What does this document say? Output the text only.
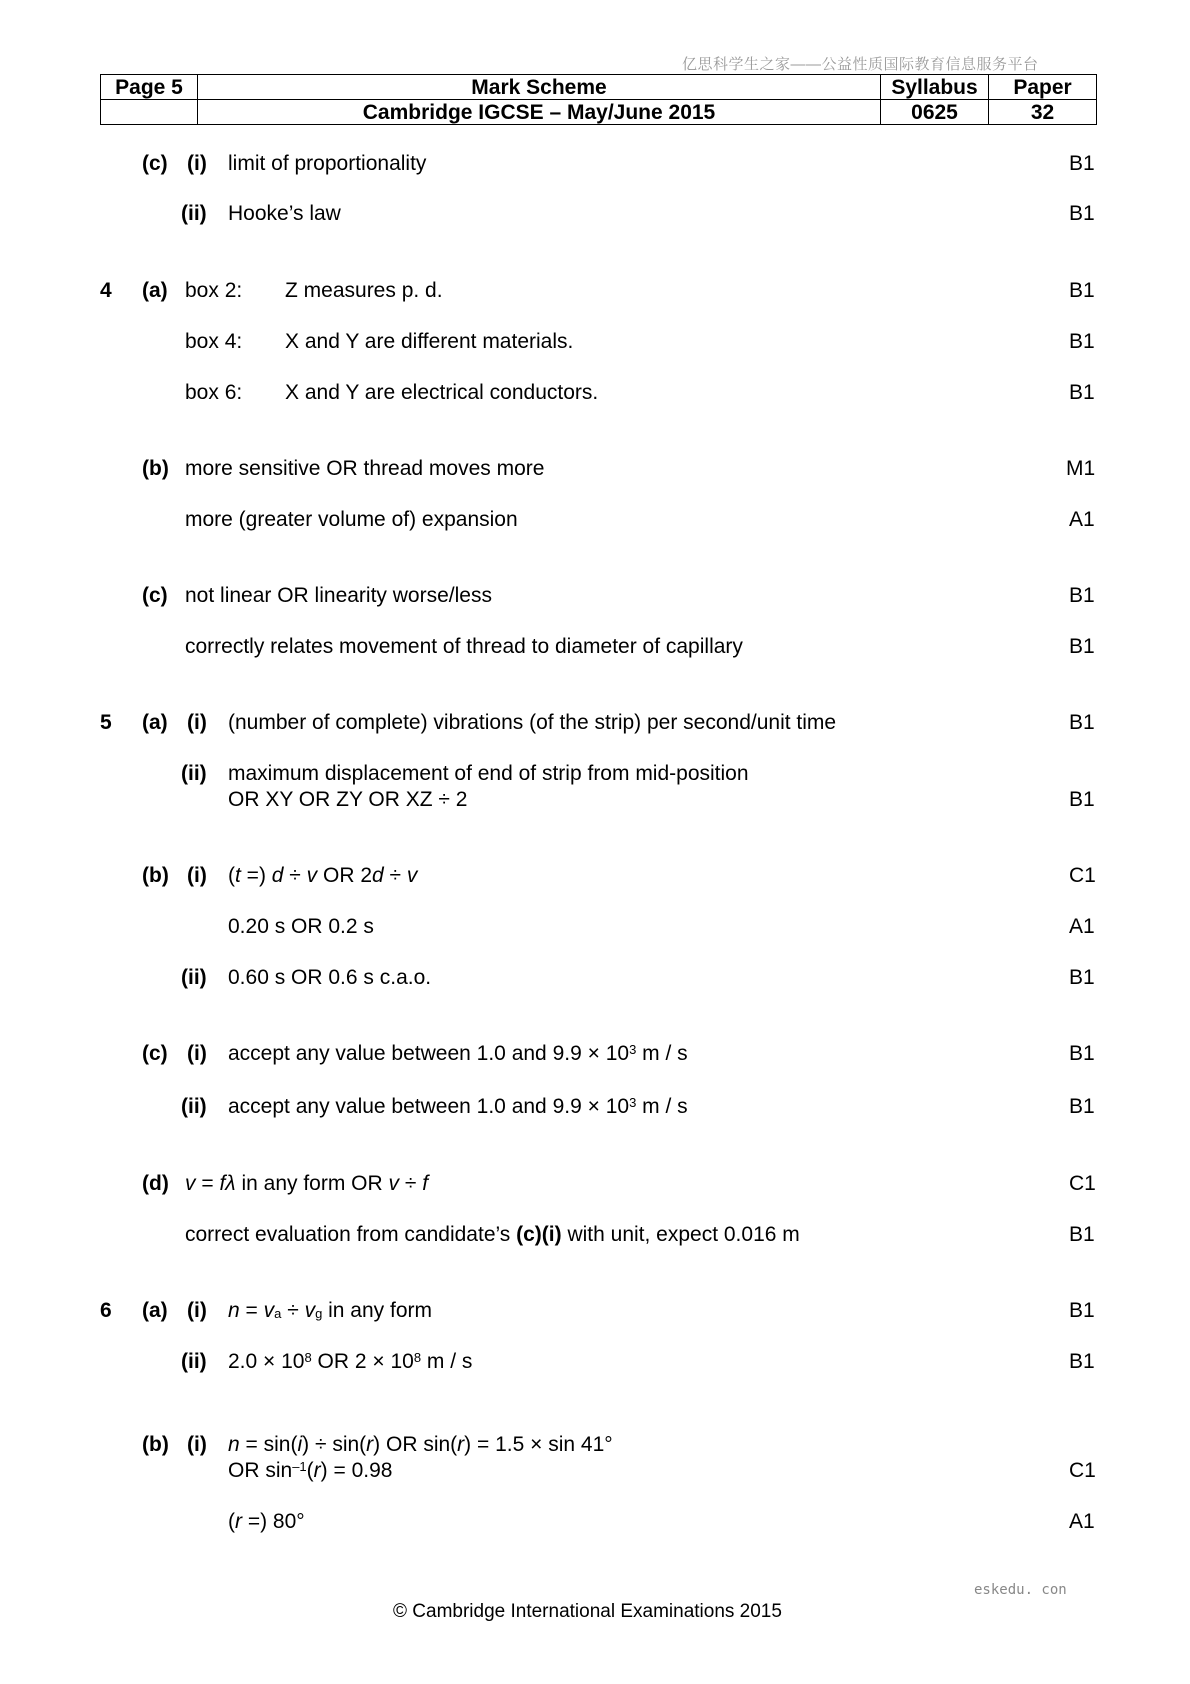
亿思科学生之家——公益性质国际教育信息服务平台
Page 5	Mark Scheme	Syllabus	Paper
	Cambridge IGCSE – May/June 2015	0625	32
(c) (i) limit of proportionality	B1
(ii) Hooke’s law	B1
4 (a) box 2: Z measures p. d.	B1
box 4: X and Y are different materials.	B1
box 6: X and Y are electrical conductors.	B1
(b) more sensitive OR thread moves more	M1
more (greater volume of) expansion	A1
(c) not linear OR linearity worse/less	B1
correctly relates movement of thread to diameter of capillary	B1
5 (a) (i) (number of complete) vibrations (of the strip) per second/unit time	B1
(ii) maximum displacement of end of strip from mid-position
OR XY OR ZY OR XZ ÷ 2	B1
(b) (i) (t =) d ÷ v OR 2d ÷ v	C1
0.20 s OR 0.2 s	A1
(ii) 0.60 s OR 0.6 s c.a.o.	B1
(c) (i) accept any value between 1.0 and $9.9 \times 10^3$ m / s	B1
(ii) accept any value between 1.0 and $9.9 \times 10^3$ m / s	B1
(d) v = fλ in any form OR v ÷ f	C1
correct evaluation from candidate’s (c)(i) with unit, expect 0.016 m	B1
6 (a) (i) $n = v_a \div v_g$ in any form	B1
(ii) $2.0 \times 10^8$ OR $2 \times 10^8$ m / s	B1
(b) (i) n = sin(i) ÷ sin(r) OR sin(r) = 1.5 × sin 41°
OR $\sin^{-1}(r) = 0.98$	C1
(r =) 80°	A1
eskedu. con
© Cambridge International Examinations 2015
